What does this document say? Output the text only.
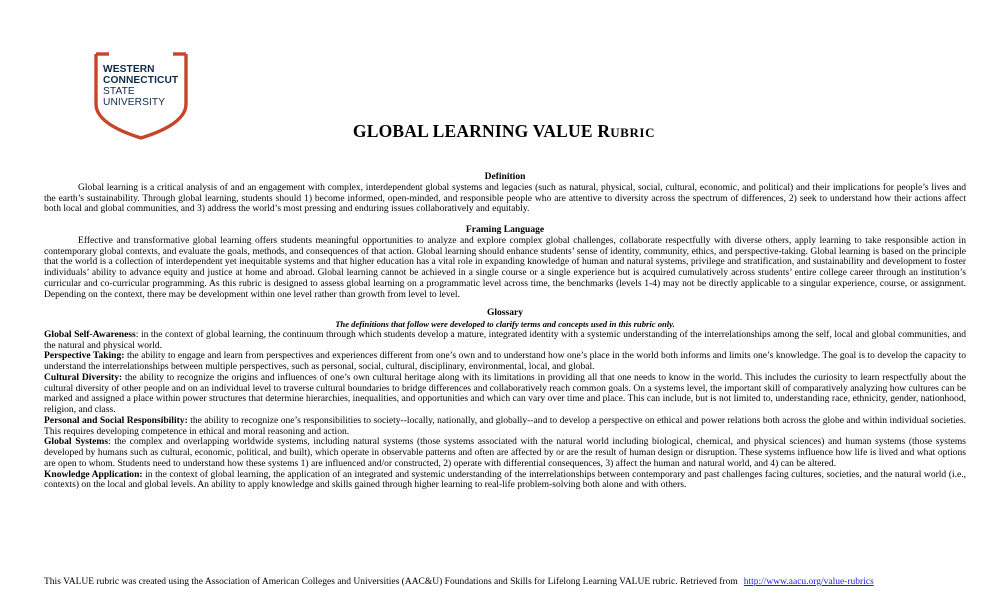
WESTERN
CONNECTICUT
STATE
UNIVERSITY
GLOBAL LEARNING VALUE RUBRIC

Definition

Global learning is a critical analysis of and an engagement with complex, interdependent global systems and legacies (such as natural, physical, social, cultural, economic, and political) and their implications for people’s lives and the earth’s sustainability. Through global learning, students should 1) become informed, open-minded, and responsible people who are attentive to diversity across the spectrum of differences, 2) seek to understand how their actions affect both local and global communities, and 3) address the world’s most pressing and enduring issues collaboratively and equitably.

Framing Language

Effective and transformative global learning offers students meaningful opportunities to analyze and explore complex global challenges, collaborate respectfully with diverse others, apply learning to take responsible action in contemporary global contexts, and evaluate the goals, methods, and consequences of that action. Global learning should enhance students’ sense of identity, community, ethics, and perspective-taking. Global learning is based on the principle that the world is a collection of interdependent yet inequitable systems and that higher education has a vital role in expanding knowledge of human and natural systems, privilege and stratification, and sustainability and development to foster individuals’ ability to advance equity and justice at home and abroad. Global learning cannot be achieved in a single course or a single experience but is acquired cumulatively across students’ entire college career through an institution’s curricular and co-curricular programming. As this rubric is designed to assess global learning on a programmatic level across time, the benchmarks (levels 1-4) may not be directly applicable to a singular experience, course, or assignment. Depending on the context, there may be development within one level rather than growth from level to level.

Glossary

The definitions that follow were developed to clarify terms and concepts used in this rubric only.

Global Self-Awareness: in the context of global learning, the continuum through which students develop a mature, integrated identity with a systemic understanding of the interrelationships among the self, local and global communities, and the natural and physical world.

Perspective Taking: the ability to engage and learn from perspectives and experiences different from one’s own and to understand how one’s place in the world both informs and limits one’s knowledge. The goal is to develop the capacity to understand the interrelationships between multiple perspectives, such as personal, social, cultural, disciplinary, environmental, local, and global.

Cultural Diversity: the ability to recognize the origins and influences of one’s own cultural heritage along with its limitations in providing all that one needs to know in the world. This includes the curiosity to learn respectfully about the cultural diversity of other people and on an individual level to traverse cultural boundaries to bridge differences and collaboratively reach common goals. On a systems level, the important skill of comparatively analyzing how cultures can be marked and assigned a place within power structures that determine hierarchies, inequalities, and opportunities and which can vary over time and place. This can include, but is not limited to, understanding race, ethnicity, gender, nationhood, religion, and class.

Personal and Social Responsibility: the ability to recognize one’s responsibilities to society--locally, nationally, and globally--and to develop a perspective on ethical and power relations both across the globe and within individual societies. This requires developing competence in ethical and moral reasoning and action.

Global Systems: the complex and overlapping worldwide systems, including natural systems (those systems associated with the natural world including biological, chemical, and physical sciences) and human systems (those systems developed by humans such as cultural, economic, political, and built), which operate in observable patterns and often are affected by or are the result of human design or disruption. These systems influence how life is lived and what options are open to whom. Students need to understand how these systems 1) are influenced and/or constructed, 2) operate with differential consequences, 3) affect the human and natural world, and 4) can be altered.

Knowledge Application: in the context of global learning, the application of an integrated and systemic understanding of the interrelationships between contemporary and past challenges facing cultures, societies, and the natural world (i.e., contexts) on the local and global levels. An ability to apply knowledge and skills gained through higher learning to real-life problem-solving both alone and with others.

This VALUE rubric was created using the Association of American Colleges and Universities (AAC&U) Foundations and Skills for Lifelong Learning VALUE rubric. Retrieved from http://www.aacu.org/value-rubrics
